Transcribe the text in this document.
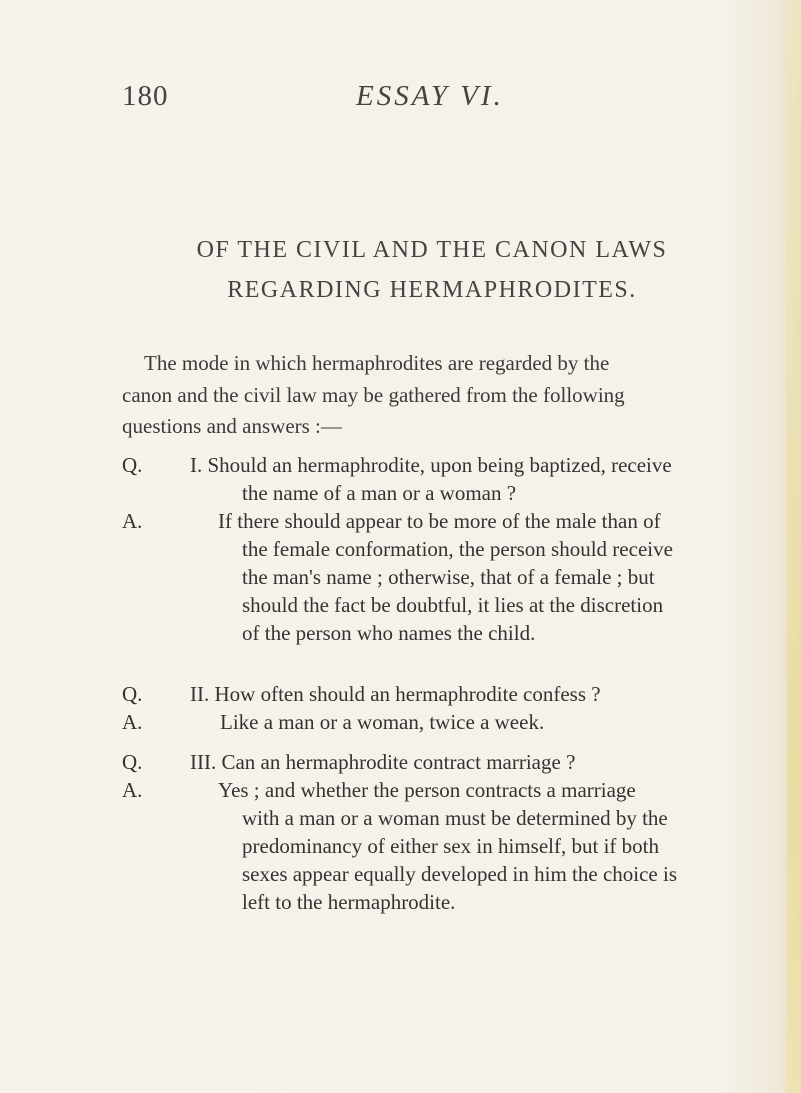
180	ESSAY VI.
OF THE CIVIL AND THE CANON LAWS
REGARDING HERMAPHRODITES.
The mode in which hermaphrodites are regarded by the
canon and the civil law may be gathered from the following
questions and answers :—
Q.	I. Should an hermaphrodite, upon being baptized, receive
the name of a man or a woman ?
A.	If there should appear to be more of the male than of
the female conformation, the person should receive
the man's name ; otherwise, that of a female ; but
should the fact be doubtful, it lies at the discretion
of the person who names the child.
Q.	II. How often should an hermaphrodite confess ?
A.	Like a man or a woman, twice a week.
Q.	III. Can an hermaphrodite contract marriage ?
A.	Yes ; and whether the person contracts a marriage
with a man or a woman must be determined by the
predominancy of either sex in himself, but if both
sexes appear equally developed in him the choice is
left to the hermaphrodite.
